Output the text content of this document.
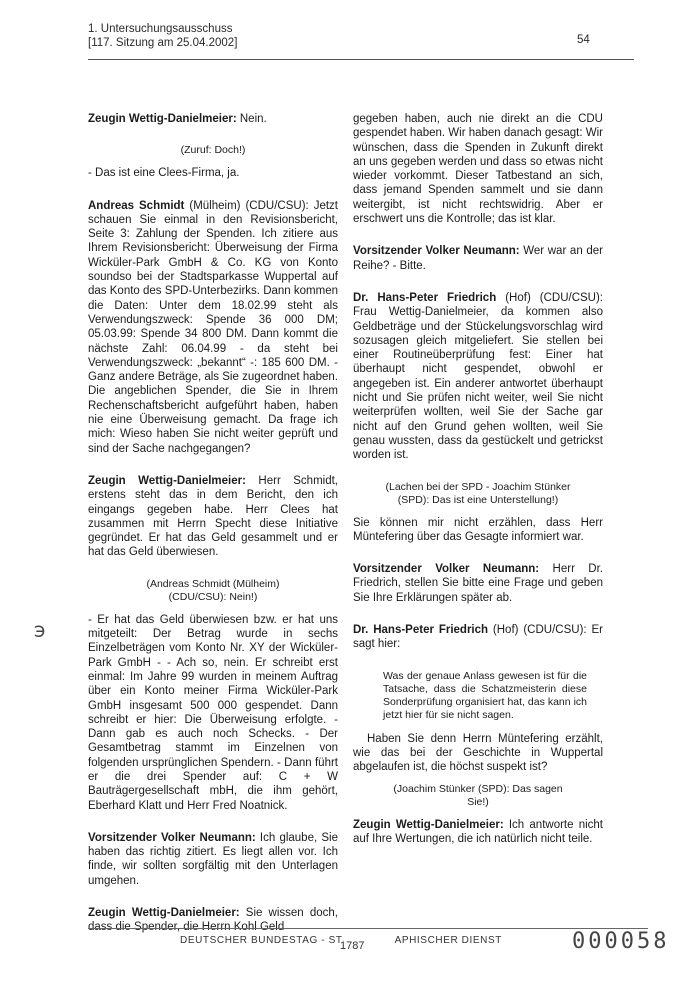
1. Untersuchungsausschuss
[117. Sitzung am 25.04.2002]	54

Zeugin Wettig-Danielmeier: Nein.

(Zuruf: Doch!)

- Das ist eine Clees-Firma, ja.

Andreas Schmidt (Mülheim) (CDU/CSU): Jetzt schauen Sie einmal in den Revisionsbericht, Seite 3: Zahlung der Spenden. Ich zitiere aus Ihrem Revisionsbericht: Überweisung der Firma Wicküler-Park GmbH & Co. KG von Konto soundso bei der Stadtsparkasse Wuppertal auf das Konto des SPD-Unterbezirks. Dann kommen die Daten: Unter dem 18.02.99 steht als Verwendungszweck: Spende 36 000 DM; 05.03.99: Spende 34 800 DM. Dann kommt die nächste Zahl: 06.04.99 - da steht bei Verwendungszweck: „bekannt“ -: 185 600 DM. - Ganz andere Beträge, als Sie zugeordnet haben. Die angeblichen Spender, die Sie in Ihrem Rechenschaftsbericht aufgeführt haben, haben nie eine Überweisung gemacht. Da frage ich mich: Wieso haben Sie nicht weiter geprüft und sind der Sache nachgegangen?

Zeugin Wettig-Danielmeier: Herr Schmidt, erstens steht das in dem Bericht, den ich eingangs gegeben habe. Herr Clees hat zusammen mit Herrn Specht diese Initiative gegründet. Er hat das Geld gesammelt und er hat das Geld überwiesen.

(Andreas Schmidt (Mülheim) (CDU/CSU): Nein!)

- Er hat das Geld überwiesen bzw. er hat uns mitgeteilt: Der Betrag wurde in sechs Einzelbeträgen vom Konto Nr. XY der Wicküler-Park GmbH - - Ach so, nein. Er schreibt erst einmal: Im Jahre 99 wurden in meinem Auftrag über ein Konto meiner Firma Wicküler-Park GmbH insgesamt 500 000 gespendet. Dann schreibt er hier: Die Überweisung erfolgte. - Dann gab es auch noch Schecks. - Der Gesamtbetrag stammt im Einzelnen von folgenden ursprünglichen Spendern. - Dann führt er die drei Spender auf: C + W Bauträgergesellschaft mbH, die ihm gehört, Eberhard Klatt und Herr Fred Noatnick.

Vorsitzender Volker Neumann: Ich glaube, Sie haben das richtig zitiert. Es liegt allen vor. Ich finde, wir sollten sorgfältig mit den Unterlagen umgehen.

Zeugin Wettig-Danielmeier: Sie wissen doch, dass die Spender, die Herrn Kohl Geld

gegeben haben, auch nie direkt an die CDU gespendet haben. Wir haben danach gesagt: Wir wünschen, dass die Spenden in Zukunft direkt an uns gegeben werden und dass so etwas nicht wieder vorkommt. Dieser Tatbestand an sich, dass jemand Spenden sammelt und sie dann weitergibt, ist nicht rechtswidrig. Aber er erschwert uns die Kontrolle; das ist klar.

Vorsitzender Volker Neumann: Wer war an der Reihe? - Bitte.

Dr. Hans-Peter Friedrich (Hof) (CDU/CSU): Frau Wettig-Danielmeier, da kommen also Geldbeträge und der Stückelungsvorschlag wird sozusagen gleich mitgeliefert. Sie stellen bei einer Routineüberprüfung fest: Einer hat überhaupt nicht gespendet, obwohl er angegeben ist. Ein anderer antwortet überhaupt nicht und Sie prüfen nicht weiter, weil Sie nicht weiterprüfen wollten, weil Sie der Sache gar nicht auf den Grund gehen wollten, weil Sie genau wussten, dass da gestückelt und getrickst worden ist.

(Lachen bei der SPD - Joachim Stünker (SPD): Das ist eine Unterstellung!)

Sie können mir nicht erzählen, dass Herr Müntefering über das Gesagte informiert war.

Vorsitzender Volker Neumann: Herr Dr. Friedrich, stellen Sie bitte eine Frage und geben Sie Ihre Erklärungen später ab.

Dr. Hans-Peter Friedrich (Hof) (CDU/CSU): Er sagt hier:

Was der genaue Anlass gewesen ist für die Tatsache, dass die Schatzmeisterin diese Sonderprüfung organisiert hat, das kann ich jetzt hier für sie nicht sagen.

Haben Sie denn Herrn Müntefering erzählt, wie das bei der Geschichte in Wuppertal abgelaufen ist, die höchst suspekt ist?

(Joachim Stünker (SPD): Das sagen Sie!)

Zeugin Wettig-Danielmeier: Ich antworte nicht auf Ihre Wertungen, die ich natürlich nicht teile.

℈
DEUTSCHER BUNDESTAG - ST	APHISCHER DIENST
1787	000058
